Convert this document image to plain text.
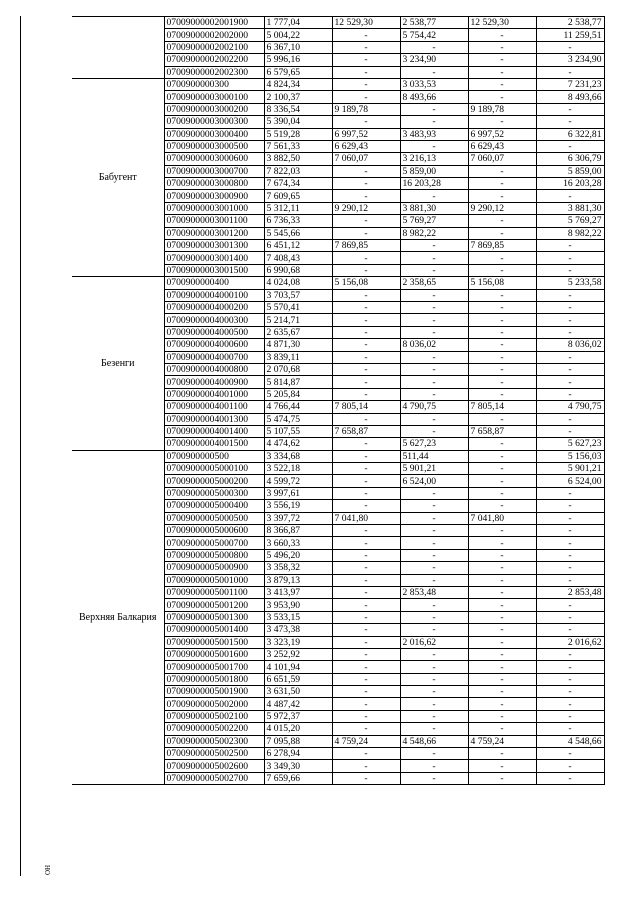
ОН
	07009000002001900	1 777,04	12 529,30	2 538,77	12 529,30	2 538,77
	07009000002002000	5 004,22	-	5 754,42	-	11 259,51
	07009000002002100	6 367,10	-	-	-	-
	07009000002002200	5 996,16	-	3 234,90	-	3 234,90
	07009000002002300	6 579,65	-	-	-	-
Бабугент	0700900000300	4 824,34	-	3 033,53	-	7 231,23
	07009000003000100	2 100,37	-	8 493,66	-	8 493,66
	07009000003000200	8 336,54	9 189,78	-	9 189,78	-
	07009000003000300	5 390,04	-	-	-	-
	07009000003000400	5 519,28	6 997,52	3 483,93	6 997,52	6 322,81
	07009000003000500	7 561,33	6 629,43	-	6 629,43	-
	07009000003000600	3 882,50	7 060,07	3 216,13	7 060,07	6 306,79
	07009000003000700	7 822,03	-	5 859,00	-	5 859,00
	07009000003000800	7 674,34	-	16 203,28	-	16 203,28
	07009000003000900	7 609,65	-	-	-	-
	07009000003001000	5 312,11	9 290,12	3 881,30	9 290,12	3 881,30
	07009000003001100	6 736,33	-	5 769,27	-	5 769,27
	07009000003001200	5 545,66	-	8 982,22	-	8 982,22
	07009000003001300	6 451,12	7 869,85	-	7 869,85	-
	07009000003001400	7 408,43	-	-	-	-
	07009000003001500	6 990,68	-	-	-	-
Безенги	0700900000400	4 024,08	5 156,08	2 358,65	5 156,08	5 233,58
	07009000004000100	3 703,57	-	-	-	-
	07009000004000200	5 570,41	-	-	-	-
	07009000004000300	5 214,71	-	-	-	-
	07009000004000500	2 635,67	-	-	-	-
	07009000004000600	4 871,30	-	8 036,02	-	8 036,02
	07009000004000700	3 839,11	-	-	-	-
	07009000004000800	2 070,68	-	-	-	-
	07009000004000900	5 814,87	-	-	-	-
	07009000004001000	5 205,84	-	-	-	-
	07009000004001100	4 766,44	7 805,14	4 790,75	7 805,14	4 790,75
	07009000004001300	5 474,75	-	-	-	-
	07009000004001400	5 107,55	7 658,87	-	7 658,87	-
	07009000004001500	4 474,62	-	5 627,23	-	5 627,23
Верхняя Балкария	0700900000500	3 334,68	-	511,44	-	5 156,03
	07009000005000100	3 522,18	-	5 901,21	-	5 901,21
	07009000005000200	4 599,72	-	6 524,00	-	6 524,00
	07009000005000300	3 997,61	-	-	-	-
	07009000005000400	3 556,19	-	-	-	-
	07009000005000500	3 397,72	7 041,80	-	7 041,80	-
	07009000005000600	8 366,87	-	-	-	-
	07009000005000700	3 660,33	-	-	-	-
	07009000005000800	5 496,20	-	-	-	-
	07009000005000900	3 358,32	-	-	-	-
	07009000005001000	3 879,13	-	-	-	-
	07009000005001100	3 413,97	-	2 853,48	-	2 853,48
	07009000005001200	3 953,90	-	-	-	-
	07009000005001300	3 533,15	-	-	-	-
	07009000005001400	3 473,38	-	-	-	-
	07009000005001500	3 323,19	-	2 016,62	-	2 016,62
	07009000005001600	3 252,92	-	-	-	-
	07009000005001700	4 101,94	-	-	-	-
	07009000005001800	6 651,59	-	-	-	-
	07009000005001900	3 631,50	-	-	-	-
	07009000005002000	4 487,42	-	-	-	-
	07009000005002100	5 972,37	-	-	-	-
	07009000005002200	4 015,20	-	-	-	-
	07009000005002300	7 095,88	4 759,24	4 548,66	4 759,24	4 548,66
	07009000005002500	6 278,94	-	-	-	-
	07009000005002600	3 349,30	-	-	-	-
	07009000005002700	7 659,66	-	-	-	-
